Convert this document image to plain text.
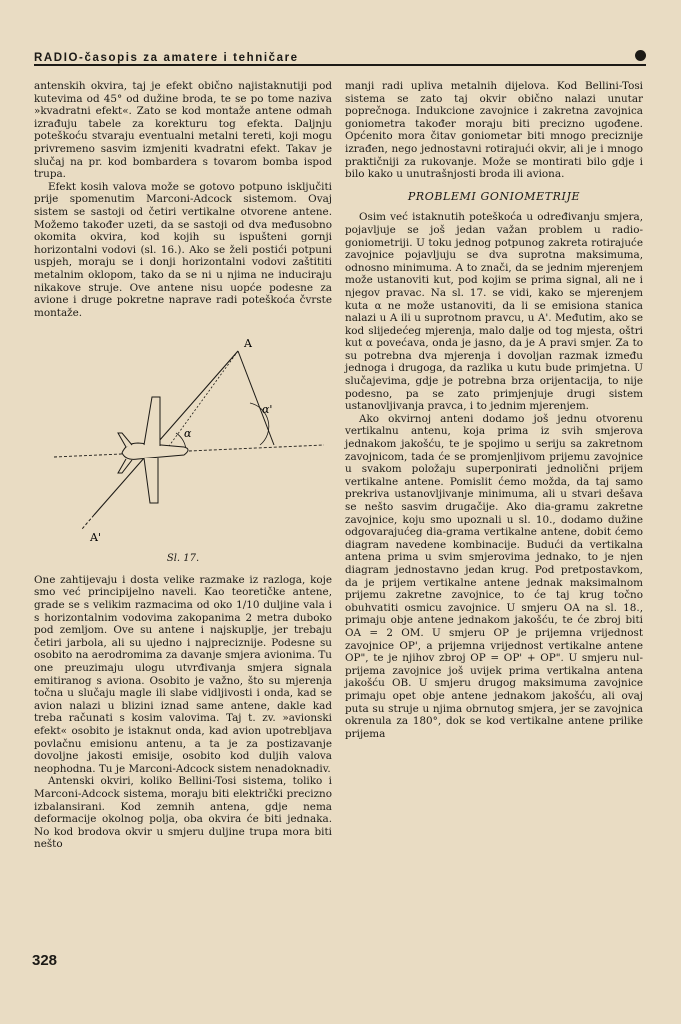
RADIO-časopis za amatere i tehničare

antenskih okvira, taj je efekt obično najistaknutiji pod kutevima od 45° od dužine broda, te se po tome naziva »kvadratni efekt«. Zato se kod montaže antene odmah izrađuju tabele za korekturu tog efekta. Daljnju poteškoću stvaraju eventualni metalni tereti, koji mogu privremeno sasvim izmjeniti kvadratni efekt. Takav je slučaj na pr. kod bombardera s tovarom bomba ispod trupa.

Efekt kosih valova može se gotovo potpuno isključiti prije spomenutim Marconi-Adcock sistemom. Ovaj sistem se sastoji od četiri vertikalne otvorene antene. Možemo također uzeti, da se sastoji od dva međusobno okomita okvira, kod kojih su ispušteni gornji horizontalni vodovi (sl. 16.). Ako se želi postići potpuni uspjeh, moraju se i donji horizontalni vodovi zaštititi metalnim oklopom, tako da se ni u njima ne induciraju nikakove struje. Ove antene nisu uopće podesne za avione i druge pokretne naprave radi poteškoća čvrste montaže.

A
A'
α
α'
Sl. 17.

One zahtijevaju i dosta velike razmake iz razloga, koje smo već principijelno naveli. Kao teoretičke antene, grade se s velikim razmacima od oko 1/10 duljine vala i s horizontalnim vodovima zakopanima 2 metra duboko pod zemljom. Ove su antene i najskuplje, jer trebaju četiri jarbola, ali su ujedno i najpreciznije. Podesne su osobito na aerodromima za davanje smjera avionima. Tu one preuzimaju ulogu utvrđivanja smjera signala emitiranog s aviona. Osobito je važno, što su mjerenja točna u slučaju magle ili slabe vidljivosti i onda, kad se avion nalazi u blizini iznad same antene, dakle kad treba računati s kosim valovima. Taj t. zv. »avionski efekt« osobito je istaknut onda, kad avion upotrebljava povlačnu emisionu antenu, a ta je za postizavanje dovoljne jakosti emisije, osobito kod duljih valova neophodna. Tu je Marconi-Adcock sistem nenadoknadiv.

Antenski okviri, koliko Bellini-Tosi sistema, toliko i Marconi-Adcock sistema, moraju biti električki precizno izbalansirani. Kod zemnih antena, gdje nema deformacije okolnog polja, oba okvira će biti jednaka. No kod brodova okvir u smjeru duljine trupa mora biti nešto

manji radi upliva metalnih dijelova. Kod Bellini-Tosi sistema se zato taj okvir obično nalazi unutar poprečnoga. Indukcione zavojnice i zakretna zavojnica goniometra također moraju biti precizno ugođene. Općenito mora čitav goniometar biti mnogo preciznije izrađen, nego jednostavni rotirajući okvir, ali je i mnogo praktičniji za rukovanje. Može se montirati bilo gdje i bilo kako u unutrašnjosti broda ili aviona.

PROBLEMI GONIOMETRIJE

Osim već istaknutih poteškoća u određivanju smjera, pojavljuje se još jedan važan problem u radio-goniometriji. U toku jednog potpunog zakreta rotirajuće zavojnice pojavljuju se dva suprotna maksimuma, odnosno minimuma. A to znači, da se jednim mjerenjem može ustanoviti kut, pod kojim se prima signal, ali ne i njegov pravac. Na sl. 17. se vidi, kako se mjerenjem kuta α ne može ustanoviti, da li se emisiona stanica nalazi u A ili u suprotnom pravcu, u A'. Međutim, ako se kod slijedećeg mjerenja, malo dalje od tog mjesta, oštri kut α povećava, onda je jasno, da je A pravi smjer. Za to su potrebna dva mjerenja i dovoljan razmak između jednoga i drugoga, da razlika u kutu bude primjetna. U slučajevima, gdje je potrebna brza orijentacija, to nije podesno, pa se zato primjenjuje drugi sistem ustanovljivanja pravca, i to jednim mjerenjem.

Ako okvirnoj anteni dodamo još jednu otvorenu vertikalnu antenu, koja prima iz svih smjerova jednakom jakošću, te je spojimo u seriju sa zakretnom zavojnicom, tada će se promjenljivom prijemu zavojnice u svakom položaju superponirati jednolični prijem vertikalne antene. Pomislit ćemo možda, da taj samo prekriva ustanovljivanje minimuma, ali u stvari dešava se nešto sasvim drugačije. Ako dia-gramu zakretne zavojnice, koju smo upoznali u sl. 10., dodamo dužine odgovarajućeg dia-grama vertikalne antene, dobit ćemo diagram navedene kombinacije. Budući da vertikalna antena prima u svim smjerovima jednako, to je njen diagram jednostavno jedan krug. Pod pretpostavkom, da je prijem vertikalne antene jednak maksimalnom prijemu zakretne zavojnice, to će taj krug točno obuhvatiti osmicu zavojnice. U smjeru OA na sl. 18., primaju obje antene jednakom jakošću, te će zbroj biti OA = 2 OM. U smjeru OP je prijemna vrijednost zavojnice OP', a prijemna vrijednost vertikalne antene OP", te je njihov zbroj OP = OP' + OP". U smjeru nul-prijema zavojnice još uvijek prima vertikalna antena jakošću OB. U smjeru drugog maksimuma zavojnice primaju opet obje antene jednakom jakošću, ali ovaj puta su struje u njima obrnutog smjera, jer se zavojnica okrenula za 180°, dok se kod vertikalne antene prilike prijema

328
